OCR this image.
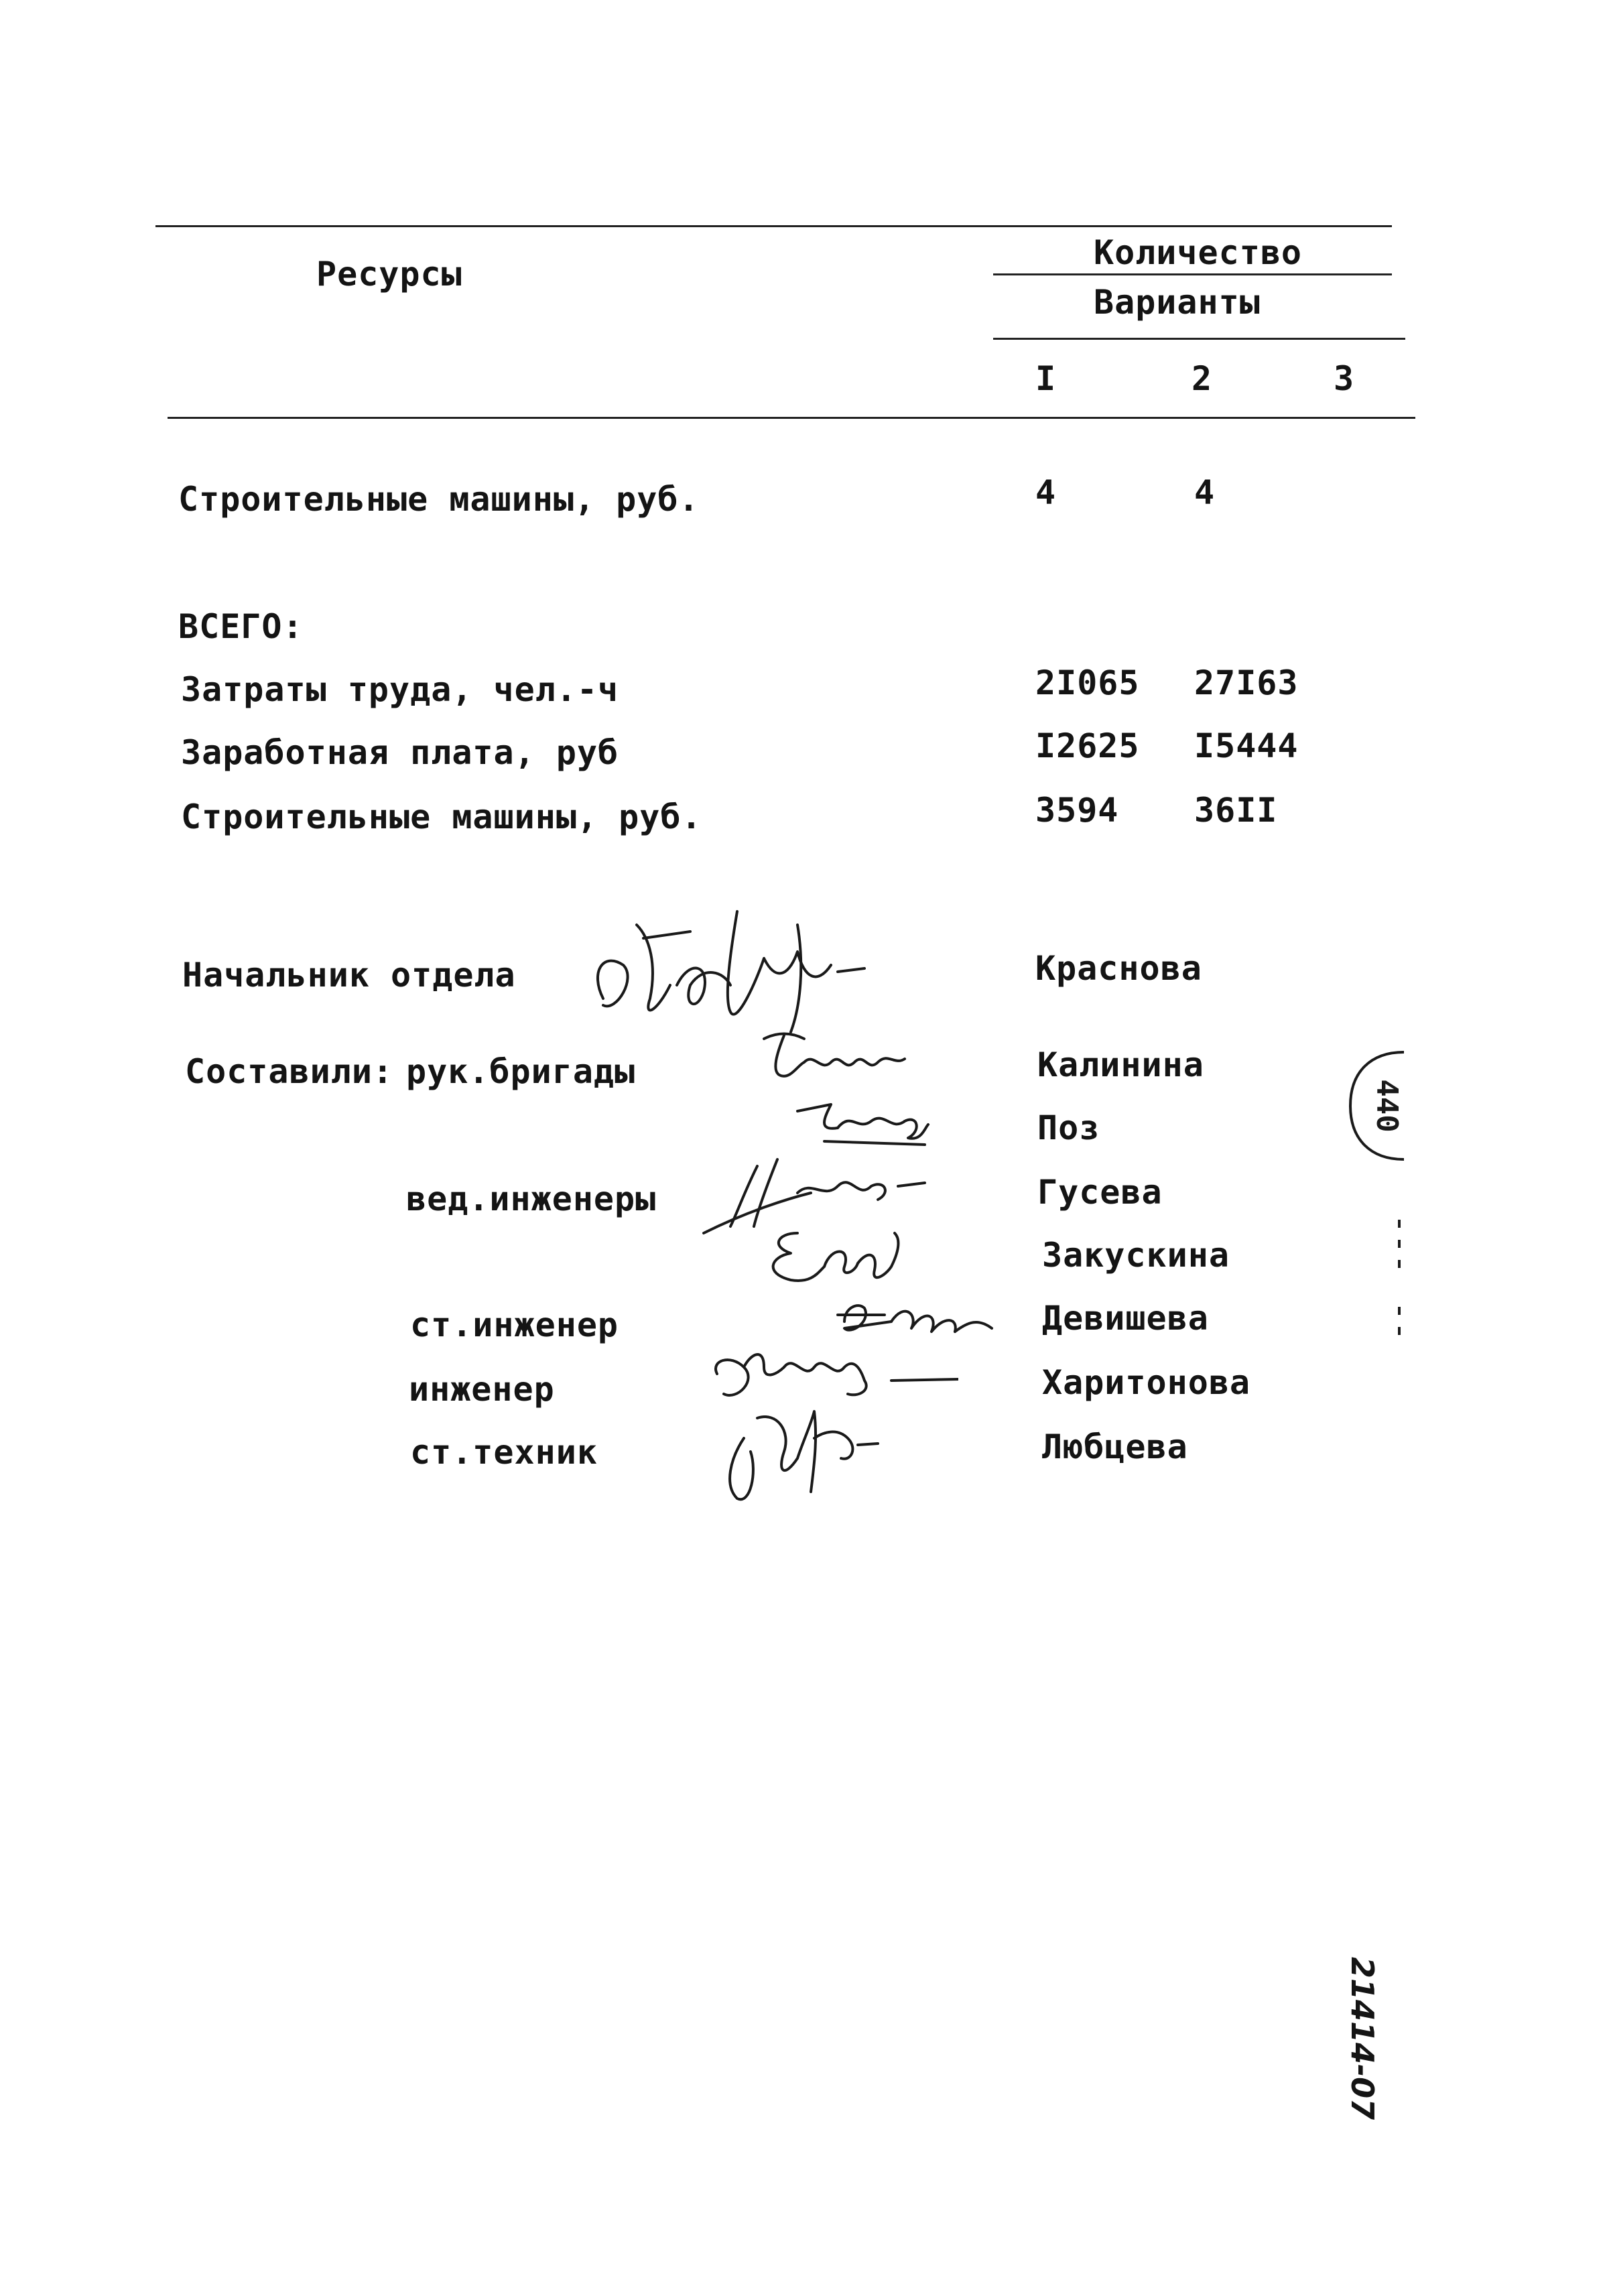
Ресурсы
Количество
Варианты
I	2	3
Строительные машины, руб.	4	4
ВСЕГО:
Затраты труда, чел.-ч	2I065 27I63
Заработная плата, руб	I2625 I5444
Строительные машины, руб.	3594 36II
Начальник отдела	Краснова
Составили: рук.бригады	Калинина
Поз
вед.инженеры	Гусева
Закускина
ст.инженер	Девишева
инженер	Харитонова
ст.техник	Любцева
440
21414-07
